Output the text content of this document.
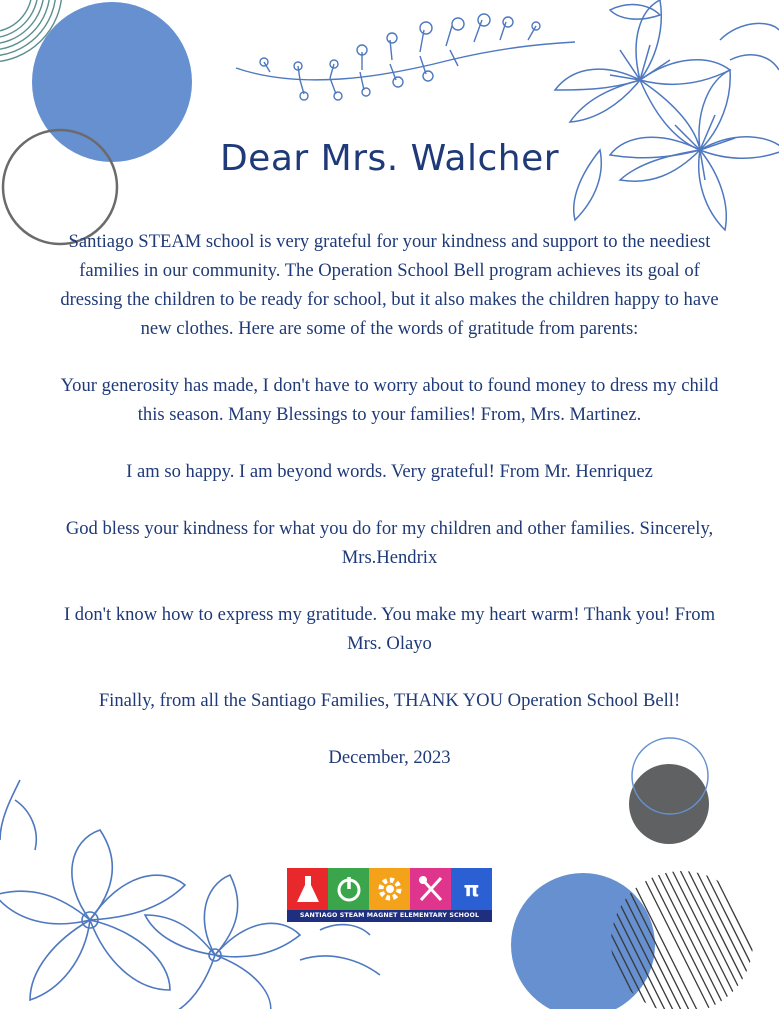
Dear Mrs. Walcher

Santiago STEAM school is very grateful for your kindness and support to the neediest families in our community. The Operation School Bell program achieves its goal of dressing the children to be ready for school, but it also makes the children happy to have new clothes. Here are some of the words of gratitude from parents:

Your generosity has made, I don't have to worry about to found money to dress my child this season. Many Blessings to your families! From, Mrs. Martinez.

I am so happy. I am beyond words. Very grateful! From Mr. Henriquez

God bless your kindness for what you do for my children and other families. Sincerely, Mrs.Hendrix

I don't know how to express my gratitude. You make my heart warm! Thank you! From Mrs. Olayo

Finally, from all the Santiago Families, THANK YOU Operation School Bell!

December, 2023

π
SANTIAGO STEAM MAGNET ELEMENTARY SCHOOL
